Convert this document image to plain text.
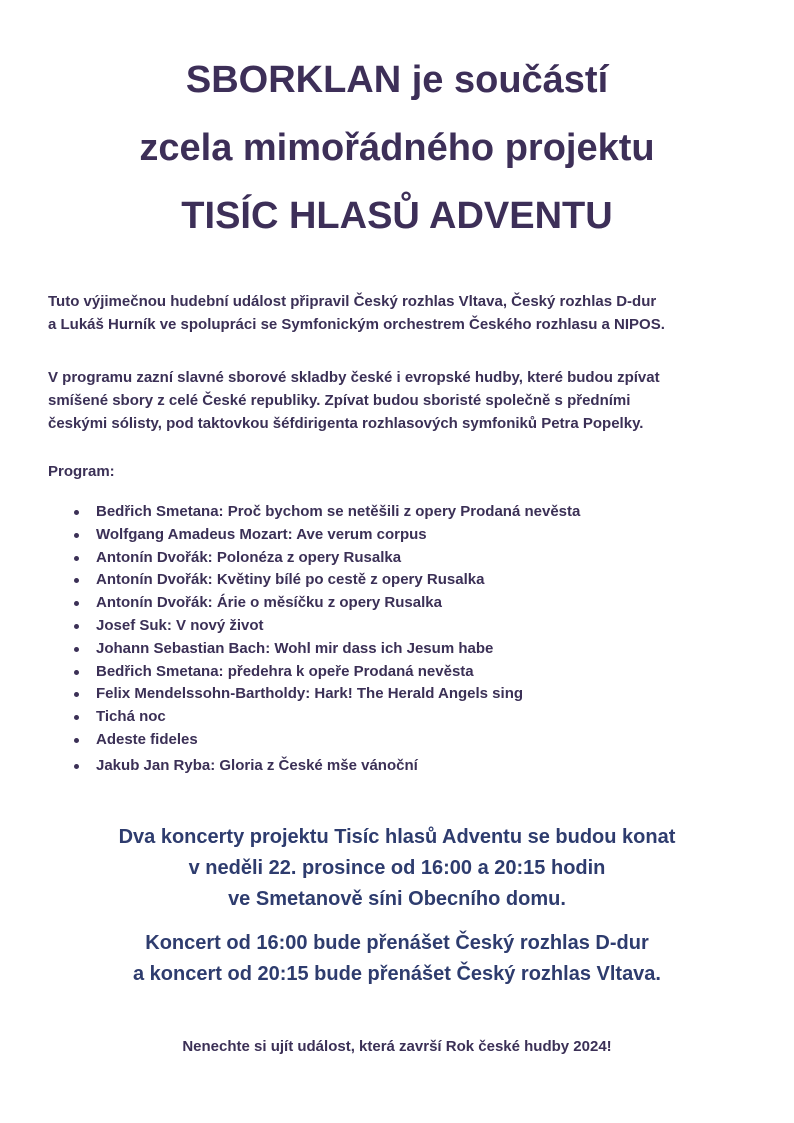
SBORKLAN je součástí
zcela mimořádného projektu
TISÍC HLASŮ ADVENTU
Tuto výjimečnou hudební událost připravil Český rozhlas Vltava, Český rozhlas D-dur
a Lukáš Hurník ve spolupráci se Symfonickým orchestrem Českého rozhlasu a NIPOS.
V programu zazní slavné sborové skladby české i evropské hudby, které budou zpívat
smíšené sbory z celé České republiky. Zpívat budou sboristé společně s předními
českými sólisty, pod taktovkou šéfdirigenta rozhlasových symfoniků Petra Popelky.
Program:
Bedřich Smetana: Proč bychom se netěšili z opery Prodaná nevěsta
Wolfgang Amadeus Mozart: Ave verum corpus
Antonín Dvořák: Polonéza z opery Rusalka
Antonín Dvořák: Květiny bílé po cestě z opery Rusalka
Antonín Dvořák: Árie o měsíčku z opery Rusalka
Josef Suk: V nový život
Johann Sebastian Bach: Wohl mir dass ich Jesum habe
Bedřich Smetana: předehra k opeře Prodaná nevěsta
Felix Mendelssohn-Bartholdy: Hark! The Herald Angels sing
Tichá noc
Adeste fideles
Jakub Jan Ryba: Gloria z České mše vánoční
Dva koncerty projektu Tisíc hlasů Adventu se budou konat
v neděli 22. prosince od 16:00 a 20:15 hodin
ve Smetanově síni Obecního domu.
Koncert od 16:00 bude přenášet Český rozhlas D-dur
a koncert od 20:15 bude přenášet Český rozhlas Vltava.
Nenechte si ujít událost, která završí Rok české hudby 2024!
